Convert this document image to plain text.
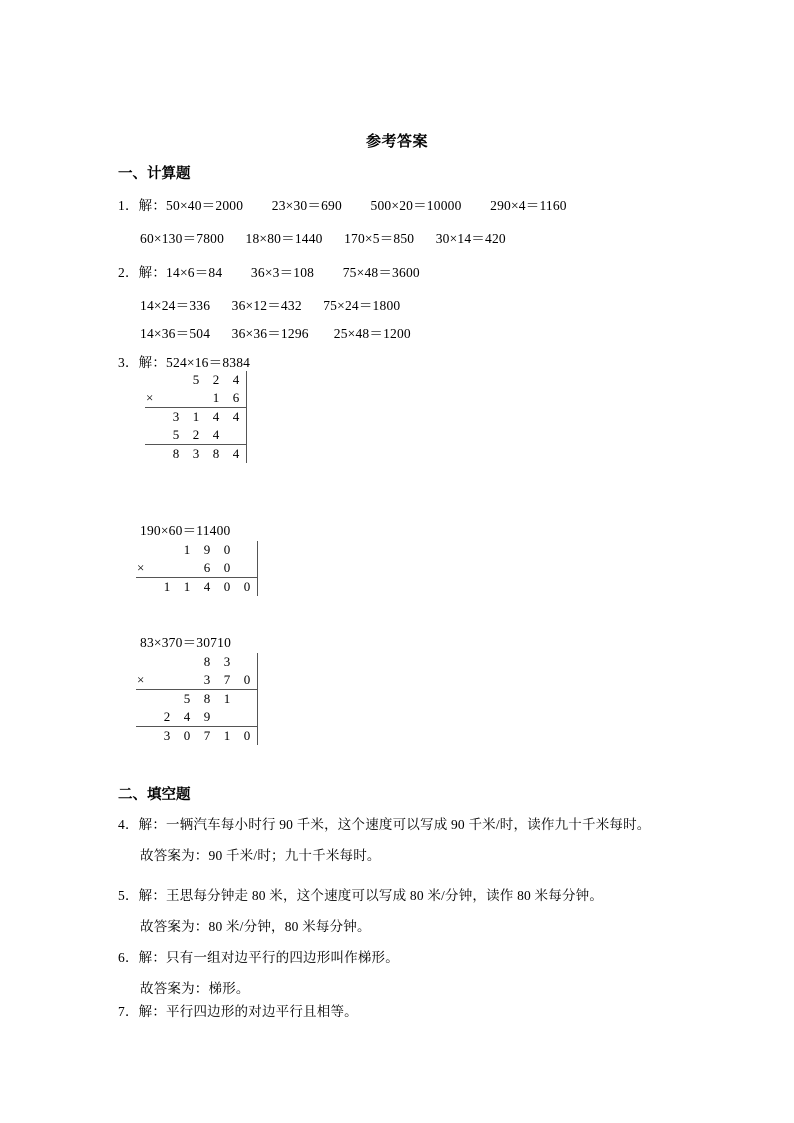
参考答案
一、计算题
1．解：50×40＝2000        23×30＝690        500×20＝10000        290×4＝1160
60×130＝7800      18×80＝1440      170×5＝850      30×14＝420
2．解：14×6＝84        36×3＝108        75×48＝3600
14×24＝336      36×12＝432      75×24＝1800
14×36＝504      36×36＝1296       25×48＝1200
3．解：524×16＝8384
		5	2	4
×			1	6
	3	1	4	4
	5	2	4	
	8	3	8	4
190×60＝11400
		1	9	0	
×			6	0	
	1	1	4	0	0
83×370＝30710
			8	3	
×			3	7	0
		5	8	1	
	2	4	9		
	3	0	7	1	0
二、填空题
4．解：一辆汽车每小时行 90 千米，这个速度可以写成 90 千米/时，读作九十千米每时。
故答案为：90 千米/时；九十千米每时。
5．解：王思每分钟走 80 米，这个速度可以写成 80 米/分钟，读作 80 米每分钟。
故答案为：80 米/分钟，80 米每分钟。
6．解：只有一组对边平行的四边形叫作梯形。
故答案为：梯形。
7．解：平行四边形的对边平行且相等。
